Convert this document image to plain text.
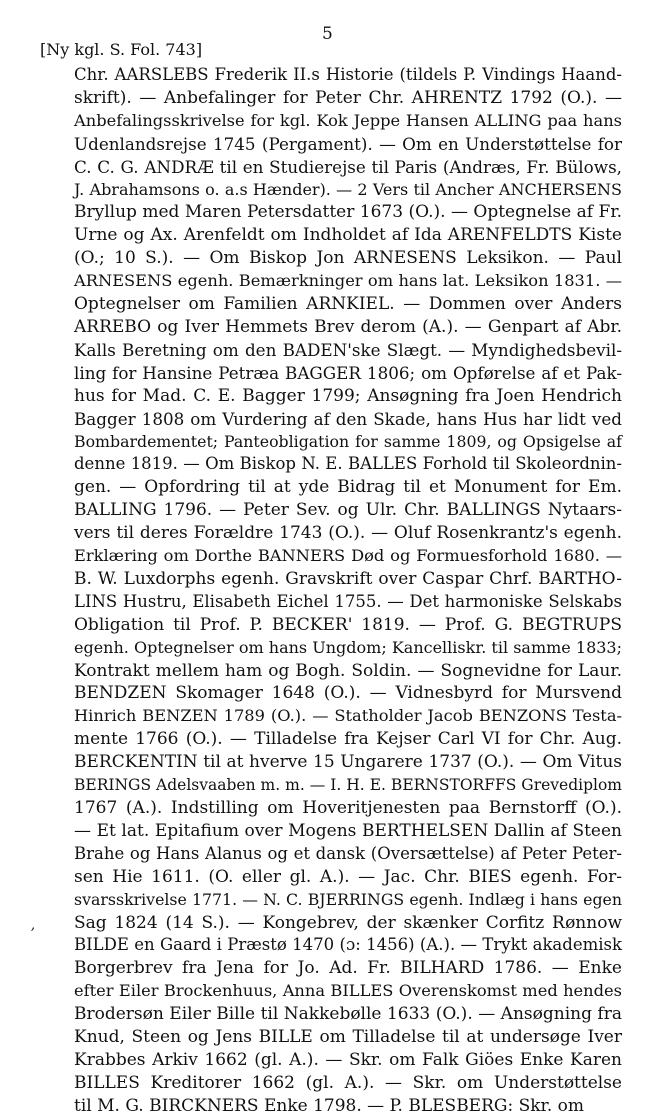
5
[Ny kgl. S. Fol. 743]
ʼ
Chr. AARSLEBS Frederik II.s Historie (tildels P. Vindings Haand-
skrift). — Anbefalinger for Peter Chr. AHRENTZ 1792 (O.). —
Anbefalingsskrivelse for kgl. Kok Jeppe Hansen ALLING paa hans
Udenlandsrejse 1745 (Pergament). — Om en Understøttelse for
C. C. G. ANDRÆ til en Studierejse til Paris (Andræs, Fr. Bülows,
J. Abrahamsons o. a.s Hænder). — 2 Vers til Ancher ANCHERSENS
Bryllup med Maren Petersdatter 1673 (O.). — Optegnelse af Fr.
Urne og Ax. Arenfeldt om Indholdet af Ida ARENFELDTS Kiste
(O.; 10 S.). — Om Biskop Jon ARNESENS Leksikon. — Paul
ARNESENS egenh. Bemærkninger om hans lat. Leksikon 1831. —
Optegnelser om Familien ARNKIEL. — Dommen over Anders
ARREBO og Iver Hemmets Brev derom (A.). — Genpart af Abr.
Kalls Beretning om den BADEN'ske Slægt. — Myndighedsbevil-
ling for Hansine Petræa BAGGER 1806; om Opførelse af et Pak-
hus for Mad. C. E. Bagger 1799; Ansøgning fra Joen Hendrich
Bagger 1808 om Vurdering af den Skade, hans Hus har lidt ved
Bombardementet; Panteobligation for samme 1809, og Opsigelse af
denne 1819. — Om Biskop N. E. BALLES Forhold til Skoleordnin-
gen. — Opfordring til at yde Bidrag til et Monument for Em.
BALLING 1796. — Peter Sev. og Ulr. Chr. BALLINGS Nytaars-
vers til deres Forældre 1743 (O.). — Oluf Rosenkrantz's egenh.
Erklæring om Dorthe BANNERS Død og Formuesforhold 1680. —
B. W. Luxdorphs egenh. Gravskrift over Caspar Chrf. BARTHO-
LINS Hustru, Elisabeth Eichel 1755. — Det harmoniske Selskabs
Obligation til Prof. P. BECKER' 1819. — Prof. G. BEGTRUPS
egenh. Optegnelser om hans Ungdom; Kancelliskr. til samme 1833;
Kontrakt mellem ham og Bogh. Soldin. — Sognevidne for Laur.
BENDZEN Skomager 1648 (O.). — Vidnesbyrd for Mursvend
Hinrich BENZEN 1789 (O.). — Statholder Jacob BENZONS Testa-
mente 1766 (O.). — Tilladelse fra Kejser Carl VI for Chr. Aug.
BERCKENTIN til at hverve 15 Ungarere 1737 (O.). — Om Vitus
BERINGS Adelsvaaben m. m. — I. H. E. BERNSTORFFS Grevediplom
1767 (A.). Indstilling om Hoveritjenesten paa Bernstorff (O.).
— Et lat. Epitafium over Mogens BERTHELSEN Dallin af Steen
Brahe og Hans Alanus og et dansk (Oversættelse) af Peter Peter-
sen Hie 1611. (O. eller gl. A.). — Jac. Chr. BIES egenh. For-
svarsskrivelse 1771. — N. C. BJERRINGS egenh. Indlæg i hans egen
Sag 1824 (14 S.). — Kongebrev, der skænker Corfitz Rønnow
BILDE en Gaard i Præstø 1470 (ɔ: 1456) (A.). — Trykt akademisk
Borgerbrev fra Jena for Jo. Ad. Fr. BILHARD 1786. — Enke
efter Eiler Brockenhuus, Anna BILLES Overenskomst med hendes
Brodersøn Eiler Bille til Nakkebølle 1633 (O.). — Ansøgning fra
Knud, Steen og Jens BILLE om Tilladelse til at undersøge Iver
Krabbes Arkiv 1662 (gl. A.). — Skr. om Falk Giöes Enke Karen
BILLES Kreditorer 1662 (gl. A.). — Skr. om Understøttelse
til M. G. BIRCKNERS Enke 1798. — P. BLESBERG: Skr. om
